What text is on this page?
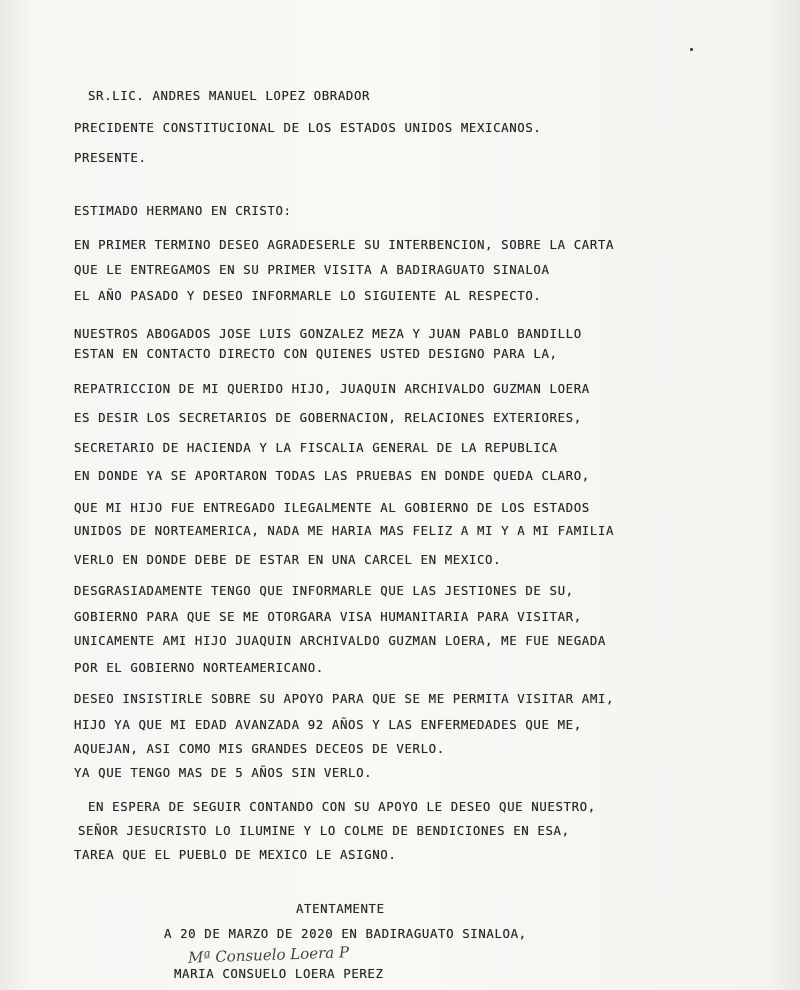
SR.LIC. ANDRES MANUEL LOPEZ OBRADOR
PRECIDENTE CONSTITUCIONAL DE LOS ESTADOS UNIDOS MEXICANOS.
PRESENTE.
ESTIMADO HERMANO EN CRISTO:
EN PRIMER TERMINO DESEO AGRADESERLE SU INTERBENCION, SOBRE LA CARTA
QUE LE ENTREGAMOS EN SU PRIMER VISITA A BADIRAGUATO SINALOA
EL AÑO PASADO Y DESEO INFORMARLE LO SIGUIENTE AL RESPECTO.
NUESTROS ABOGADOS JOSE LUIS GONZALEZ MEZA Y JUAN PABLO BANDILLO
ESTAN EN CONTACTO DIRECTO CON QUIENES USTED DESIGNO PARA LA,
REPATRICCION DE MI QUERIDO HIJO, JUAQUIN ARCHIVALDO GUZMAN LOERA
ES DESIR LOS SECRETARIOS DE GOBERNACION, RELACIONES EXTERIORES,
SECRETARIO DE HACIENDA Y LA FISCALIA GENERAL DE LA REPUBLICA
EN DONDE YA SE APORTARON TODAS LAS PRUEBAS EN DONDE QUEDA CLARO,
QUE MI HIJO FUE ENTREGADO ILEGALMENTE AL GOBIERNO DE LOS ESTADOS
UNIDOS DE NORTEAMERICA, NADA ME HARIA MAS FELIZ A MI Y A MI FAMILIA
VERLO EN DONDE DEBE DE ESTAR EN UNA CARCEL EN MEXICO.
DESGRASIADAMENTE TENGO QUE INFORMARLE QUE LAS JESTIONES DE SU,
GOBIERNO PARA QUE SE ME OTORGARA VISA HUMANITARIA PARA VISITAR,
UNICAMENTE AMI HIJO JUAQUIN ARCHIVALDO GUZMAN LOERA, ME FUE NEGADA
POR EL GOBIERNO NORTEAMERICANO.
DESEO INSISTIRLE SOBRE SU APOYO PARA QUE SE ME PERMITA VISITAR AMI,
HIJO YA QUE MI EDAD AVANZADA 92 AÑOS Y LAS ENFERMEDADES QUE ME,
AQUEJAN, ASI COMO MIS GRANDES DECEOS DE VERLO.
YA QUE TENGO MAS DE 5 AÑOS SIN VERLO.
EN ESPERA DE SEGUIR CONTANDO CON SU APOYO LE DESEO QUE NUESTRO,
SEÑOR JESUCRISTO LO ILUMINE Y LO COLME DE BENDICIONES EN ESA,
TAREA QUE EL PUEBLO DE MEXICO LE ASIGNO.
ATENTAMENTE
A 20 DE MARZO DE 2020 EN BADIRAGUATO SINALOA,
Mª Consuelo Loera P
MARIA CONSUELO LOERA PEREZ
